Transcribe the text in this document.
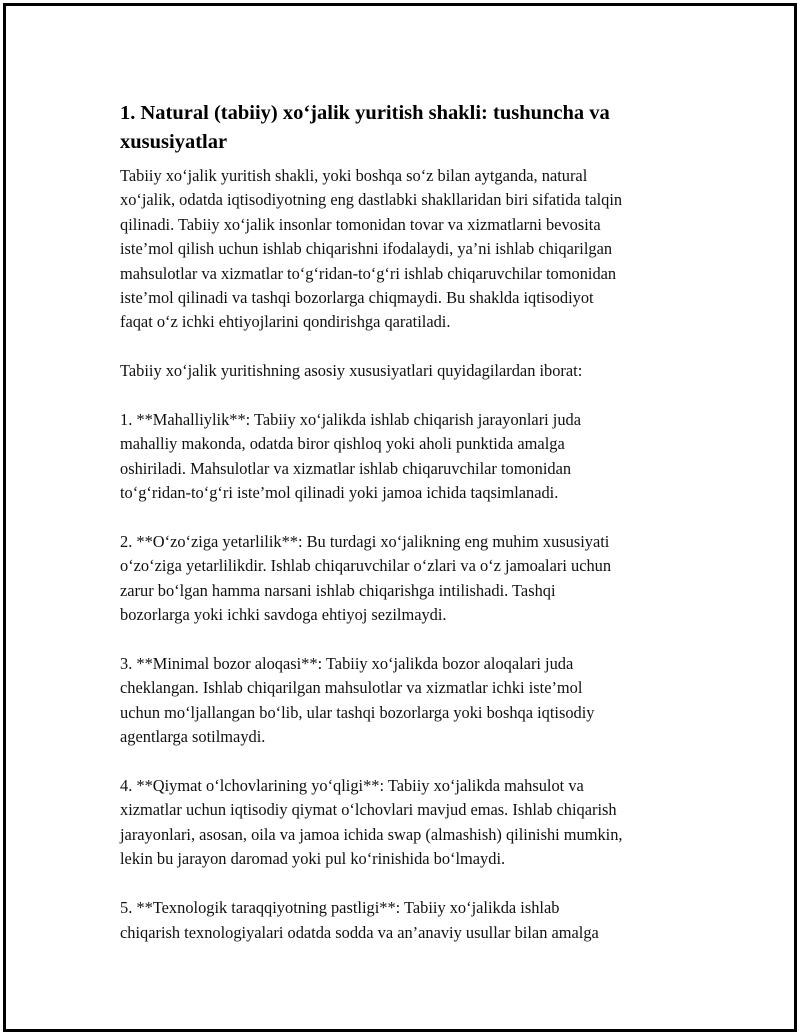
1. Natural (tabiiy) xo‘jalik yuritish shakli: tushuncha va
xususiyatlar

Tabiiy xo‘jalik yuritish shakli, yoki boshqa so‘z bilan aytganda, natural
xo‘jalik, odatda iqtisodiyotning eng dastlabki shakllaridan biri sifatida talqin
qilinadi. Tabiiy xo‘jalik insonlar tomonidan tovar va xizmatlarni bevosita
iste’mol qilish uchun ishlab chiqarishni ifodalaydi, ya’ni ishlab chiqarilgan
mahsulotlar va xizmatlar to‘g‘ridan-to‘g‘ri ishlab chiqaruvchilar tomonidan
iste’mol qilinadi va tashqi bozorlarga chiqmaydi. Bu shaklda iqtisodiyot
faqat o‘z ichki ehtiyojlarini qondirishga qaratiladi.

Tabiiy xo‘jalik yuritishning asosiy xususiyatlari quyidagilardan iborat:

1. **Mahalliylik**: Tabiiy xo‘jalikda ishlab chiqarish jarayonlari juda
mahalliy makonda, odatda biror qishloq yoki aholi punktida amalga
oshiriladi. Mahsulotlar va xizmatlar ishlab chiqaruvchilar tomonidan
to‘g‘ridan-to‘g‘ri iste’mol qilinadi yoki jamoa ichida taqsimlanadi.

2. **O‘zo‘ziga yetarlilik**: Bu turdagi xo‘jalikning eng muhim xususiyati
o‘zo‘ziga yetarlilikdir. Ishlab chiqaruvchilar o‘zlari va o‘z jamoalari uchun
zarur bo‘lgan hamma narsani ishlab chiqarishga intilishadi. Tashqi
bozorlarga yoki ichki savdoga ehtiyoj sezilmaydi.

3. **Minimal bozor aloqasi**: Tabiiy xo‘jalikda bozor aloqalari juda
cheklangan. Ishlab chiqarilgan mahsulotlar va xizmatlar ichki iste’mol
uchun mo‘ljallangan bo‘lib, ular tashqi bozorlarga yoki boshqa iqtisodiy
agentlarga sotilmaydi.

4. **Qiymat o‘lchovlarining yo‘qligi**: Tabiiy xo‘jalikda mahsulot va
xizmatlar uchun iqtisodiy qiymat o‘lchovlari mavjud emas. Ishlab chiqarish
jarayonlari, asosan, oila va jamoa ichida swap (almashish) qilinishi mumkin,
lekin bu jarayon daromad yoki pul ko‘rinishida bo‘lmaydi.

5. **Texnologik taraqqiyotning pastligi**: Tabiiy xo‘jalikda ishlab
chiqarish texnologiyalari odatda sodda va an’anaviy usullar bilan amalga
